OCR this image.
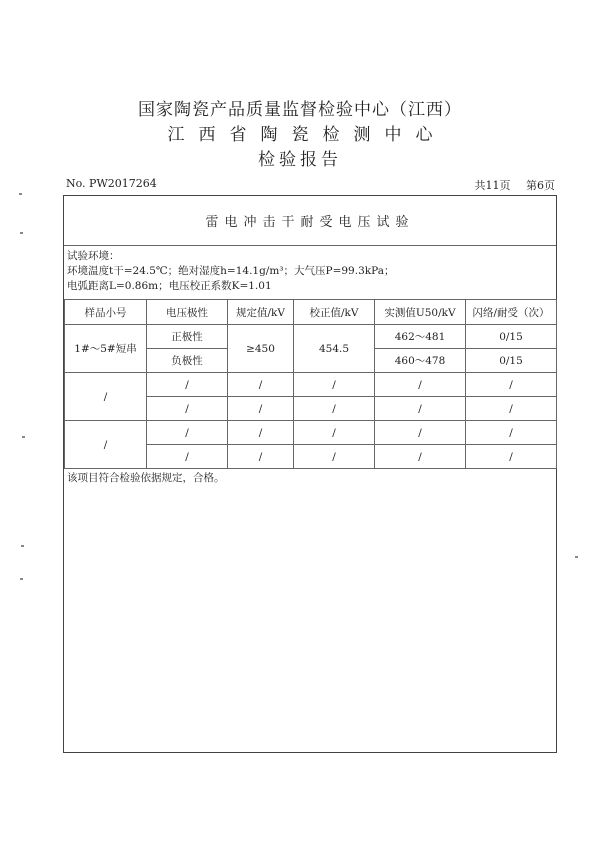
国家陶瓷产品质量监督检验中心（江西）
江西省陶瓷检测中心
检验报告
No. PW2017264	共11页 第6页
雷电冲击干耐受电压试验
试验环境：
环境温度t干=24.5℃；绝对湿度h=14.1g/m³；大气压P=99.3kPa；
电弧距离L=0.86m；电压校正系数K=1.01
样品小号	电压极性	规定值/kV	校正值/kV	实测值U50/kV	闪络/耐受（次）
1#～5#短串	正极性	≥450	454.5	462～481	0/15
	负极性			460～478	0/15
/	/	/	/	/	/
	/	/	/	/	/
/	/	/	/	/	/
	/	/	/	/	/
该项目符合检验依据规定，合格。
